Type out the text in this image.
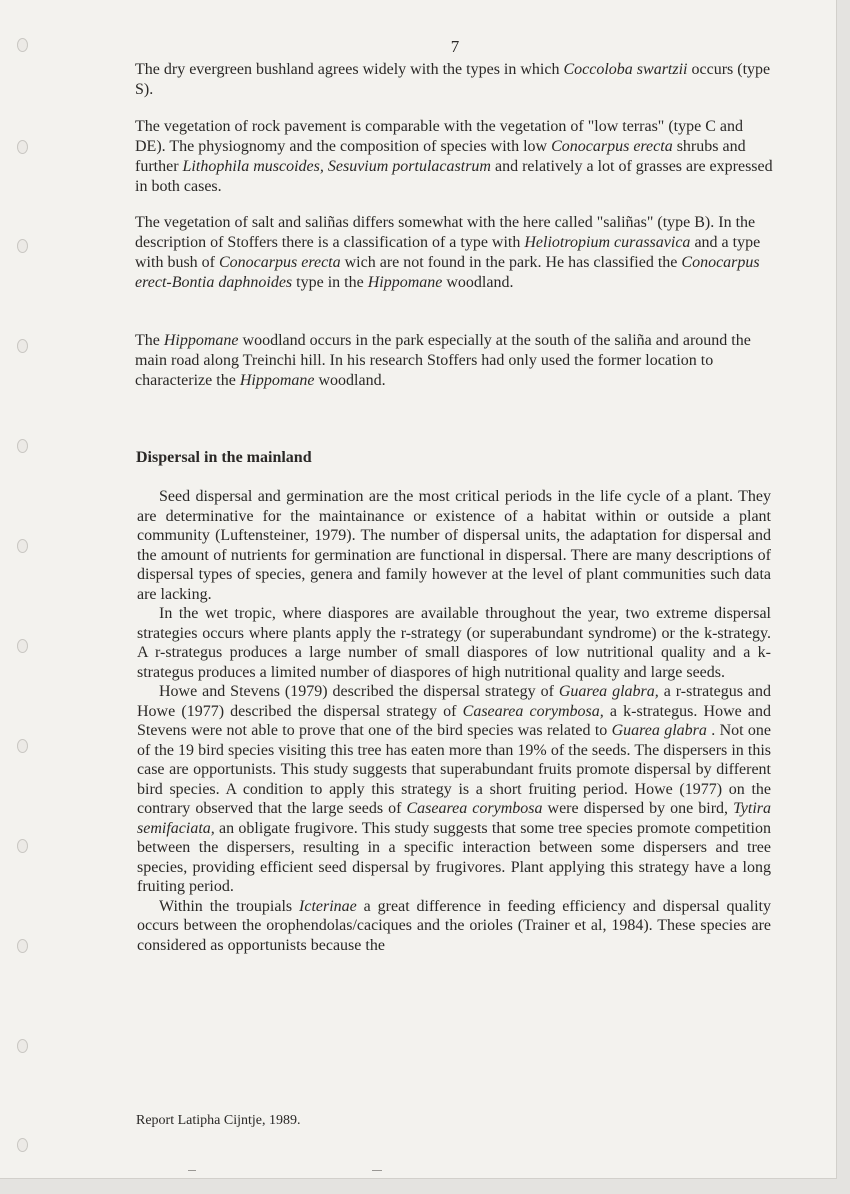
7

The dry evergreen bushland agrees widely with the types in which Coccoloba swartzii occurs (type S).

The vegetation of rock pavement is comparable with the vegetation of "low terras" (type C and DE). The physiognomy and the composition of species with low Conocarpus erecta shrubs and further Lithophila muscoides, Sesuvium portulacastrum and relatively a lot of grasses are expressed in both cases.

The vegetation of salt and saliñas differs somewhat with the here called "saliñas" (type B). In the description of Stoffers there is a classification of a type with Heliotropium curassavica and a type with bush of Conocarpus erecta wich are not found in the park. He has classified the Conocarpus erect-Bontia daphnoides type in the Hippomane woodland.

The Hippomane woodland occurs in the park especially at the south of the saliña and around the main road along Treinchi hill. In his research Stoffers had only used the former location to characterize the Hippomane woodland.

Dispersal in the mainland

Seed dispersal and germination are the most critical periods in the life cycle of a plant. They are determinative for the maintainance or existence of a habitat within or outside a plant community (Luftensteiner, 1979). The number of dispersal units, the adaptation for dispersal and the amount of nutrients for germination are functional in dispersal. There are many descriptions of dispersal types of species, genera and family however at the level of plant communities such data are lacking.

In the wet tropic, where diaspores are available throughout the year, two extreme dispersal strategies occurs where plants apply the r-strategy (or superabundant syndrome) or the k-strategy. A r-strategus produces a large number of small diaspores of low nutritional quality and a k-strategus produces a limited number of diaspores of high nutritional quality and large seeds.

Howe and Stevens (1979) described the dispersal strategy of Guarea glabra, a r-strategus and Howe (1977) described the dispersal strategy of Casearea corymbosa, a k-strategus. Howe and Stevens were not able to prove that one of the bird species was related to Guarea glabra . Not one of the 19 bird species visiting this tree has eaten more than 19% of the seeds. The dispersers in this case are opportunists. This study suggests that superabundant fruits promote dispersal by different bird species. A condition to apply this strategy is a short fruiting period. Howe (1977) on the contrary observed that the large seeds of Casearea corymbosa were dispersed by one bird, Tytira semifaciata, an obligate frugivore. This study suggests that some tree species promote competition between the dispersers, resulting in a specific interaction between some dispersers and tree species, providing efficient seed dispersal by frugivores. Plant applying this strategy have a long fruiting period.

Within the troupials Icterinae a great difference in feeding efficiency and dispersal quality occurs between the orophendolas/caciques and the orioles (Trainer et al, 1984). These species are considered as opportunists because the

Report Latipha Cijntje, 1989.
